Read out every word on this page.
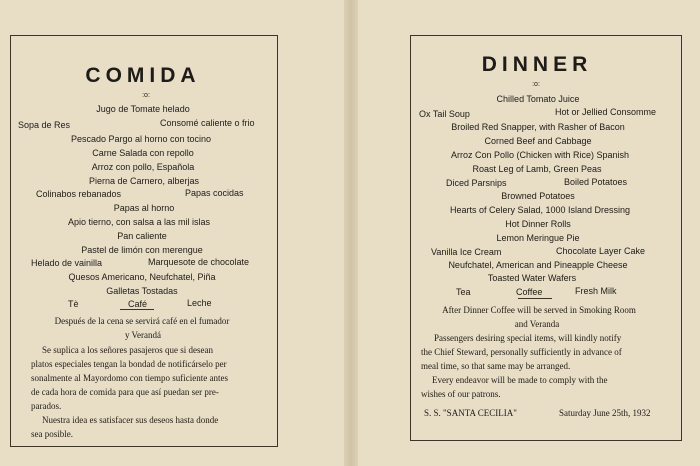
COMIDA
:o:
Jugo de Tomate helado
Sopa de Res	Consomé caliente o frio
Pescado Pargo al horno con tocino
Carne Salada con repollo
Arroz con pollo, Española
Pierna de Carnero, alberjas
Colinabos rebanados	Papas cocidas
Papas al horno
Apio tierno, con salsa a las mil islas
Pan caliente
Pastel de limón con merengue
Helado de vainilla	Marquesote de chocolate
Quesos Americano, Neufchatel, Piña
Galletas Tostadas
Tè	Café	Leche
Después de la cena se servirá café en el fumador
y Verandá
Se suplica a los señores pasajeros que si desean
platos especiales tengan la bondad de notificárselo per
sonalmente al Mayordomo con tiempo suficiente antes
de cada hora de comida para que así puedan ser pre-
parados.
Nuestra idea es satisfacer sus deseos hasta donde
sea posible.
DINNER
:o:
Chilled Tomato Juice
Ox Tail Soup	Hot or Jellied Consomme
Broiled Red Snapper, with Rasher of Bacon
Corned Beef and Cabbage
Arroz Con Pollo (Chicken with Rice) Spanish
Roast Leg of Lamb, Green Peas
Diced Parsnips	Boiled Potatoes
Browned Potatoes
Hearts of Celery Salad, 1000 Island Dressing
Hot Dinner Rolls
Lemon Meringue Pie
Vanilla Ice Cream	Chocolate Layer Cake
Neufchatel, American and Pineapple Cheese
Toasted Water Wafers
Tea	Coffee	Fresh Milk
After Dinner Coffee will be served in Smoking Room
and Veranda
Passengers desiring special items, will kindly notify
the Chief Steward, personally sufficiently in advance of
meal time, so that same may be arranged.
Every endeavor will be made to comply with the
wishes of our patrons.
S. S. "SANTA CECILIA"	Saturday June 25th, 1932
